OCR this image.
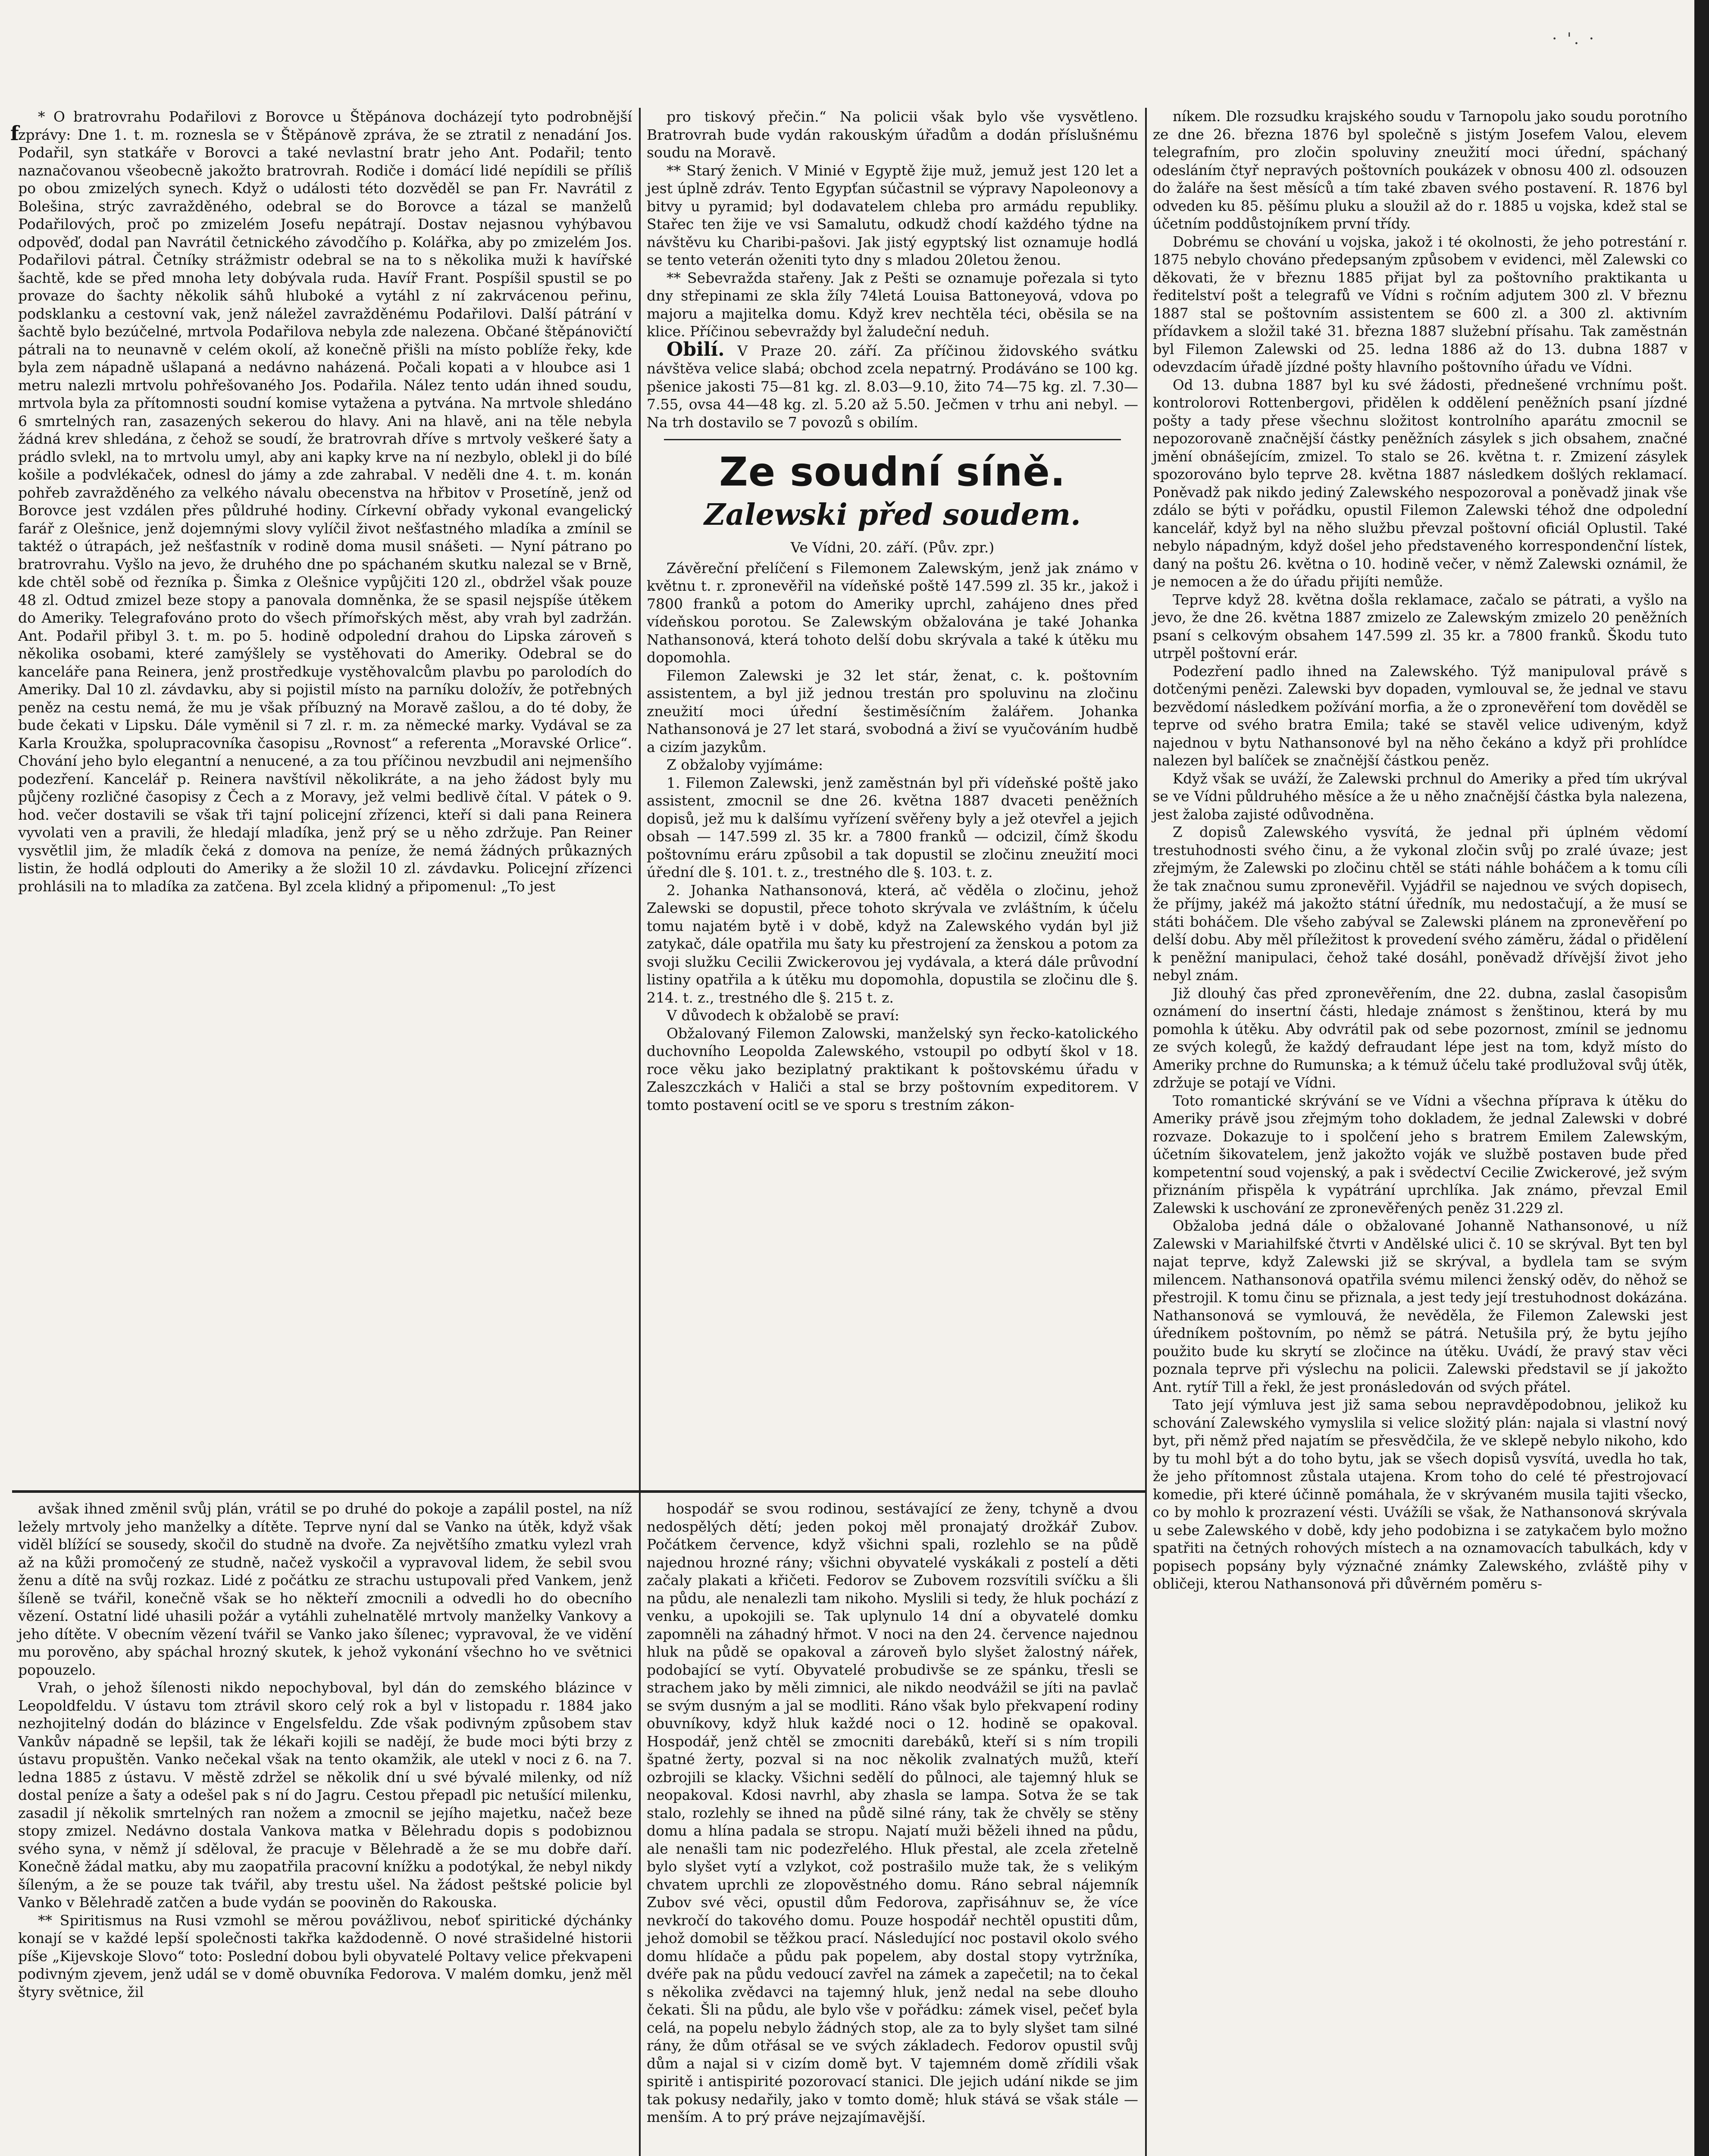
f
· '. ·

* O bratrovrahu Podařilovi z Borovce u Štěpánova docházejí tyto podrobnější zprávy: Dne 1. t. m. roznesla se v Štěpánově zpráva, že se ztratil z nenadání Jos. Podařil, syn statkáře v Borovci a také nevlastní bratr jeho Ant. Podařil; tento naznačovanou všeobecně jakožto bratrovrah. Rodiče i domácí lidé nepídili se příliš po obou zmizelých synech. Když o události této dozvěděl se pan Fr. Navrátil z Bolešina, strýc zavražděného, odebral se do Borovce a tázal se manželů Podařilových, proč po zmizelém Josefu nepátrají. Dostav nejasnou vyhýbavou odpověď, dodal pan Navrátil četnického závodčího p. Kolářka, aby po zmizelém Jos. Podařilovi pátral. Četníky strážmistr odebral se na to s několika muži k havířské šachtě, kde se před mnoha lety dobývala ruda. Havíř Frant. Pospíšil spustil se po provaze do šachty několik sáhů hluboké a vytáhl z ní zakrvácenou peřinu, podsklanku a cestovní vak, jenž náležel zavražděnému Podařilovi. Další pátrání v šachtě bylo bezúčelné, mrtvola Podařilova nebyla zde nalezena. Občané štěpánovičtí pátrali na to neunavně v celém okolí, až konečně přišli na místo poblíže řeky, kde byla zem nápadně ušlapaná a nedávno naházená. Počali kopati a v hloubce asi 1 metru nalezli mrtvolu pohřešovaného Jos. Podařila. Nález tento udán ihned soudu, mrtvola byla za přítomnosti soudní komise vytažena a pytvána. Na mrtvole shledáno 6 smrtelných ran, zasazených sekerou do hlavy. Ani na hlavě, ani na těle nebyla žádná krev shledána, z čehož se soudí, že bratrovrah dříve s mrtvoly veškeré šaty a prádlo svlekl, na to mrtvolu umyl, aby ani kapky krve na ní nezbylo, oblekl ji do bílé košile a podvlékaček, odnesl do jámy a zde zahrabal. V neděli dne 4. t. m. konán pohřeb zavražděného za velkého návalu obecenstva na hřbitov v Prosetíně, jenž od Borovce jest vzdálen přes půldruhé hodiny. Církevní obřady vykonal evangelický farář z Olešnice, jenž dojemnými slovy vylíčil život nešťastného mladíka a zmínil se taktéž o útrapách, jež nešťastník v rodině doma musil snášeti. — Nyní pátrano po bratrovrahu. Vyšlo na jevo, že druhého dne po spáchaném skutku nalezal se v Brně, kde chtěl sobě od řezníka p. Šimka z Olešnice vypůjčiti 120 zl., obdržel však pouze 48 zl. Odtud zmizel beze stopy a panovala domněnka, že se spasil nejspíše útěkem do Ameriky. Telegrafováno proto do všech přímořských měst, aby vrah byl zadržán. Ant. Podařil přibyl 3. t. m. po 5. hodině odpolední drahou do Lipska zároveň s několika osobami, které zamýšlely se vystěhovati do Ameriky. Odebral se do kanceláře pana Reinera, jenž prostředkuje vystěhovalcům plavbu po parolodích do Ameriky. Dal 10 zl. závdavku, aby si pojistil místo na parníku doložív, že potřebných peněz na cestu nemá, že mu je však příbuzný na Moravě zašlou, a do té doby, že bude čekati v Lipsku. Dále vyměnil si 7 zl. r. m. za německé marky. Vydával se za Karla Kroužka, spolupracovníka časopisu „Rovnost“ a referenta „Moravské Orlice“. Chování jeho bylo elegantní a nenucené, a za tou příčinou nevzbudil ani nejmenšího podezření. Kancelář p. Reinera navštívil několikráte, a na jeho žádost byly mu půjčeny rozličné časopisy z Čech a z Moravy, jež velmi bedlivě čítal. V pátek o 9. hod. večer dostavili se však tři tajní policejní zřízenci, kteří si dali pana Reinera vyvolati ven a pravili, že hledají mladíka, jenž prý se u něho zdržuje. Pan Reiner vysvětlil jim, že mladík čeká z domova na peníze, že nemá žádných průkazných listin, že hodlá odplouti do Ameriky a že složil 10 zl. závdavku. Policejní zřízenci prohlásili na to mladíka za zatčena. Byl zcela klidný a připomenul: „To jest

pro tiskový přečin.“ Na policii však bylo vše vysvětleno. Bratrovrah bude vydán rakouským úřadům a dodán příslušnému soudu na Moravě.

** Starý ženich. V Minié v Egyptě žije muž, jemuž jest 120 let a jest úplně zdráv. Tento Egypťan súčastnil se výpravy Napoleonovy a bitvy u pyramid; byl dodavatelem chleba pro armádu republiky. Stařec ten žije ve vsi Samalutu, odkudž chodí každého týdne na návštěvu ku Charibi-pašovi. Jak jistý egyptský list oznamuje hodlá se tento veterán oženiti tyto dny s mladou 20letou ženou.

** Sebevražda stařeny. Jak z Pešti se oznamuje pořezala si tyto dny střepinami ze skla žíly 74letá Louisa Battoneyová, vdova po majoru a majitelka domu. Když krev nechtěla téci, oběsila se na klice. Příčinou sebevraždy byl žaludeční neduh.

Obilí. V Praze 20. září. Za příčinou židovského svátku návštěva velice slabá; obchod zcela nepatrný. Prodáváno se 100 kg. pšenice jakosti 75—81 kg. zl. 8.03—9.10, žito 74—75 kg. zl. 7.30—7.55, ovsa 44—48 kg. zl. 5.20 až 5.50. Ječmen v trhu ani nebyl. — Na trh dostavilo se 7 povozů s obilím.

Ze soudní síně.
Zalewski před soudem.
Ve Vídni, 20. září. (Pův. zpr.)

Závěreční přelíčení s Filemonem Zalewským, jenž jak známo v květnu t. r. zpronevěřil na vídeňské poště 147.599 zl. 35 kr., jakož i 7800 franků a potom do Ameriky uprchl, zahájeno dnes před vídeňskou porotou. Se Zalewským obžalována je také Johanka Nathansonová, která tohoto delší dobu skrývala a také k útěku mu dopomohla.

Filemon Zalewski je 32 let stár, ženat, c. k. poštovním assistentem, a byl již jednou trestán pro spoluvinu na zločinu zneužití moci úřední šestiměsíčním žalářem. Johanka Nathansonová je 27 let stará, svobodná a živí se vyučováním hudbě a cizím jazykům.

Z obžaloby vyjímáme:

1. Filemon Zalewski, jenž zaměstnán byl při vídeňské poště jako assistent, zmocnil se dne 26. května 1887 dvaceti peněžních dopisů, jež mu k dalšímu vyřízení svěřeny byly a jež otevřel a jejich obsah — 147.599 zl. 35 kr. a 7800 franků — odcizil, čímž škodu poštovnímu eráru způsobil a tak dopustil se zločinu zneužití moci úřední dle §. 101. t. z., trestného dle §. 103. t. z.

2. Johanka Nathansonová, která, ač věděla o zločinu, jehož Zalewski se dopustil, přece tohoto skrývala ve zvláštním, k účelu tomu najatém bytě i v době, když na Zalewského vydán byl již zatykač, dále opatřila mu šaty ku přestrojení za ženskou a potom za svoji služku Cecilii Zwickerovou jej vydávala, a která dále průvodní listiny opatřila a k útěku mu dopomohla, dopustila se zločinu dle §. 214. t. z., trestného dle §. 215 t. z.

V důvodech k obžalobě se praví:

Obžalovaný Filemon Zalowski, manželský syn řecko-katolického duchovního Leopolda Zalewského, vstoupil po odbytí škol v 18. roce věku jako beziplatný praktikant k poštovskému úřadu v Zaleszczkách v Haliči a stal se brzy poštovním expeditorem. V tomto postavení ocitl se ve sporu s trestním zákon-

níkem. Dle rozsudku krajského soudu v Tarnopolu jako soudu porotního ze dne 26. března 1876 byl společně s jistým Josefem Valou, elevem telegrafním, pro zločin spoluviny zneužití moci úřední, spáchaný odesláním čtyř nepravých poštovních poukázek v obnosu 400 zl. odsouzen do žaláře na šest měsíců a tím také zbaven svého postavení. R. 1876 byl odveden ku 85. pěšímu pluku a sloužil až do r. 1885 u vojska, kdež stal se účetním poddůstojníkem první třídy.

Dobrému se chování u vojska, jakož i té okolnosti, že jeho potrestání r. 1875 nebylo chováno předepsaným způsobem v evidenci, měl Zalewski co děkovati, že v březnu 1885 přijat byl za poštovního praktikanta u ředitelství pošt a telegrafů ve Vídni s ročním adjutem 300 zl. V březnu 1887 stal se poštovním assistentem se 600 zl. a 300 zl. aktivním přídavkem a složil také 31. března 1887 služební přísahu. Tak zaměstnán byl Filemon Zalewski od 25. ledna 1886 až do 13. dubna 1887 v odevzdacím úřadě jízdné pošty hlavního poštovního úřadu ve Vídni.

Od 13. dubna 1887 byl ku své žádosti, přednešené vrchnímu pošt. kontrolorovi Rottenbergovi, přidělen k oddělení peněžních psaní jízdné pošty a tady přese všechnu složitost kontrolního aparátu zmocnil se nepozorovaně značnější částky peněžních zásylek s jich obsahem, značné jmění obnášejícím, zmizel. To stalo se 26. května t. r. Zmizení zásylek spozorováno bylo teprve 28. května 1887 následkem došlých reklamací. Poněvadž pak nikdo jediný Zalewského nespozoroval a poněvadž jinak vše zdálo se býti v pořádku, opustil Filemon Zalewski téhož dne odpolední kancelář, když byl na něho službu převzal poštovní oficiál Oplustil. Také nebylo nápadným, když došel jeho představeného korrespondenční lístek, daný na poštu 26. května o 10. hodině večer, v němž Zalewski oznámil, že je nemocen a že do úřadu přijíti nemůže.

Teprve když 28. května došla reklamace, začalo se pátrati, a vyšlo na jevo, že dne 26. května 1887 zmizelo ze Zalewským zmizelo 20 peněžních psaní s celkovým obsahem 147.599 zl. 35 kr. a 7800 franků. Škodu tuto utrpěl poštovní erár.

Podezření padlo ihned na Zalewského. Týž manipuloval právě s dotčenými penězi. Zalewski byv dopaden, vymlouval se, že jednal ve stavu bezvědomí následkem požívání morfia, a že o zpronevěření tom dověděl se teprve od svého bratra Emila; také se stavěl velice udiveným, když najednou v bytu Nathansonové byl na něho čekáno a když při prohlídce nalezen byl balíček se značnější částkou peněz.

Když však se uváží, že Zalewski prchnul do Ameriky a před tím ukrýval se ve Vídni půldruhého měsíce a že u něho značnější částka byla nalezena, jest žaloba zajisté odůvodněna.

Z dopisů Zalewského vysvítá, že jednal při úplném vědomí trestuhodnosti svého činu, a že vykonal zločin svůj po zralé úvaze; jest zřejmým, že Zalewski po zločinu chtěl se státi náhle boháčem a k tomu cíli že tak značnou sumu zpronevěřil. Vyjádřil se najednou ve svých dopisech, že příjmy, jakéž má jakožto státní úředník, mu nedostačují, a že musí se státi boháčem. Dle všeho zabýval se Zalewski plánem na zpronevěření po delší dobu. Aby měl příležitost k provedení svého záměru, žádal o přidělení k peněžní manipulaci, čehož také dosáhl, poněvadž dřívější život jeho nebyl znám.

Již dlouhý čas před zpronevěřením, dne 22. dubna, zaslal časopisům oznámení do insertní části, hledaje známost s ženštinou, která by mu pomohla k útěku. Aby odvrátil pak od sebe pozornost, zmínil se jednomu ze svých kolegů, že každý defraudant lépe jest na tom, když místo do Ameriky prchne do Rumunska; a k témuž účelu také prodlužoval svůj útěk, zdržuje se potají ve Vídni.

Toto romantické skrývání se ve Vídni a všechna příprava k útěku do Ameriky právě jsou zřejmým toho dokladem, že jednal Zalewski v dobré rozvaze. Dokazuje to i spolčení jeho s bratrem Emilem Zalewským, účetním šikovatelem, jenž jakožto voják ve službě postaven bude před kompetentní soud vojenský, a pak i svědectví Cecilie Zwickerové, jež svým přiznáním přispěla k vypátrání uprchlíka. Jak známo, převzal Emil Zalewski k uschování ze zpronevěřených peněz 31.229 zl.

Obžaloba jedná dále o obžalované Johanně Nathansonové, u níž Zalewski v Mariahilfské čtvrti v Andělské ulici č. 10 se skrýval. Byt ten byl najat teprve, když Zalewski již se skrýval, a bydlela tam se svým milencem. Nathansonová opatřila svému milenci ženský oděv, do něhož se přestrojil. K tomu činu se přiznala, a jest tedy její trestuhodnost dokázána. Nathansonová se vymlouvá, že nevěděla, že Filemon Zalewski jest úředníkem poštovním, po němž se pátrá. Netušila prý, že bytu jejího použito bude ku skrytí se zločince na útěku. Uvádí, že pravý stav věci poznala teprve při výslechu na policii. Zalewski představil se jí jakožto Ant. rytíř Till a řekl, že jest pronásledován od svých přátel.

Tato její výmluva jest již sama sebou nepravděpodobnou, jelikož ku schování Zalewského vymyslila si velice složitý plán: najala si vlastní nový byt, při němž před najatím se přesvědčila, že ve sklepě nebylo nikoho, kdo by tu mohl být a do toho bytu, jak se všech dopisů vysvítá, uvedla ho tak, že jeho přítomnost zůstala utajena. Krom toho do celé té přestrojovací komedie, při které účinně pomáhala, že v skrývaném musila tajiti všecko, co by mohlo k prozrazení vésti. Uvážíli se však, že Nathansonová skrývala u sebe Zalewského v době, kdy jeho podobizna i se zatykačem bylo možno spatřiti na četných rohových místech a na oznamovacích tabulkách, kdy v popisech popsány byly význačné známky Zalewského, zvláště pihy v obličeji, kterou Nathansonová při důvěrném poměru s-

avšak ihned změnil svůj plán, vrátil se po druhé do pokoje a zapálil postel, na níž ležely mrtvoly jeho manželky a dítěte. Teprve nyní dal se Vanko na útěk, když však viděl blížící se sousedy, skočil do studně na dvoře. Za největšího zmatku vylezl vrah až na kůži promočený ze studně, načež vyskočil a vypravoval lidem, že sebil svou ženu a dítě na svůj rozkaz. Lidé z počátku ze strachu ustupovali před Vankem, jenž šíleně se tvářil, konečně však se ho někteří zmocnili a odvedli ho do obecního vězení. Ostatní lidé uhasili požár a vytáhli zuhelnatělé mrtvoly manželky Vankovy a jeho dítěte. V obecním vězení tvářil se Vanko jako šílenec; vypravoval, že ve vidění mu porověno, aby spáchal hrozný skutek, k jehož vykonání všechno ho ve světnici popouzelo.

Vrah, o jehož šílenosti nikdo nepochyboval, byl dán do zemského blázince v Leopoldfeldu. V ústavu tom ztrávil skoro celý rok a byl v listopadu r. 1884 jako nezhojitelný dodán do blázince v Engelsfeldu. Zde však podivným způsobem stav Vankův nápadně se lepšil, tak že lékaři kojili se nadějí, že bude moci býti brzy z ústavu propuštěn. Vanko nečekal však na tento okamžik, ale utekl v noci z 6. na 7. ledna 1885 z ústavu. V městě zdržel se několik dní u své bývalé milenky, od níž dostal peníze a šaty a odešel pak s ní do Jagru. Cestou přepadl pic netušící milenku, zasadil jí několik smrtelných ran nožem a zmocnil se jejího majetku, načež beze stopy zmizel. Nedávno dostala Vankova matka v Bělehradu dopis s podobiznou svého syna, v němž jí sděloval, že pracuje v Bělehradě a že se mu dobře daří. Konečně žádal matku, aby mu zaopatřila pracovní knížku a podotýkal, že nebyl nikdy šíleným, a že se pouze tak tvářil, aby trestu ušel. Na žádost peštské policie byl Vanko v Bělehradě zatčen a bude vydán se pooviněn do Rakouska.

** Spiritismus na Rusi vzmohl se měrou povážlivou, neboť spiritické dýchánky konají se v každé lepší společnosti takřka každodenně. O nové strašidelné historii píše „Kijevskoje Slovo“ toto: Poslední dobou byli obyvatelé Poltavy velice překvapeni podivným zjevem, jenž udál se v domě obuvníka Fedorova. V malém domku, jenž měl štyry světnice, žil

hospodář se svou rodinou, sestávající ze ženy, tchyně a dvou nedospělých dětí; jeden pokoj měl pronajatý drožkář Zubov. Počátkem července, když všichni spali, rozlehlo se na půdě najednou hrozné rány; všichni obyvatelé vyskákali z postelí a děti začaly plakati a křičeti. Fedorov se Zubovem rozsvítili svíčku a šli na půdu, ale nenalezli tam nikoho. Myslili si tedy, že hluk pochází z venku, a upokojili se. Tak uplynulo 14 dní a obyvatelé domku zapomněli na záhadný hřmot. V noci na den 24. července najednou hluk na půdě se opakoval a zároveň bylo slyšet žalostný nářek, podobající se vytí. Obyvatelé probudivše se ze spánku, třesli se strachem jako by měli zimnici, ale nikdo neodvážil se jíti na pavlač se svým dusným a jal se modliti. Ráno však bylo překvapení rodiny obuvníkovy, když hluk každé noci o 12. hodině se opakoval. Hospodář, jenž chtěl se zmocniti darebáků, kteří si s ním tropili špatné žerty, pozval si na noc několik zvalnatých mužů, kteří ozbrojili se klacky. Všichni sedělí do půlnoci, ale tajemný hluk se neopakoval. Kdosi navrhl, aby zhasla se lampa. Sotva že se tak stalo, rozlehly se ihned na půdě silné rány, tak že chvěly se stěny domu a hlína padala se stropu. Najatí muži běželi ihned na půdu, ale nenašli tam nic podezřelého. Hluk přestal, ale zcela zřetelně bylo slyšet vytí a vzlykot, což postrašilo muže tak, že s velikým chvatem uprchli ze zlopověstného domu. Ráno sebral nájemník Zubov své věci, opustil dům Fedorova, zapřisáhnuv se, že více nevkročí do takového domu. Pouze hospodář nechtěl opustiti dům, jehož domobil se těžkou prací. Následující noc postavil okolo svého domu hlídače a půdu pak popelem, aby dostal stopy vytržníka, dvéře pak na půdu vedoucí zavřel na zámek a zapečetil; na to čekal s několika zvědavci na tajemný hluk, jenž nedal na sebe dlouho čekati. Šli na půdu, ale bylo vše v pořádku: zámek visel, pečeť byla celá, na popelu nebylo žádných stop, ale za to byly slyšet tam silné rány, že dům otřásal se ve svých základech. Fedorov opustil svůj dům a najal si v cizím domě byt. V tajemném domě zřídili však spiritě i antispirité pozorovací stanici. Dle jejich udání nikde se jim tak pokusy nedařily, jako v tomto domě; hluk stává se však stále — menším. A to prý práve nejzajímavější.
